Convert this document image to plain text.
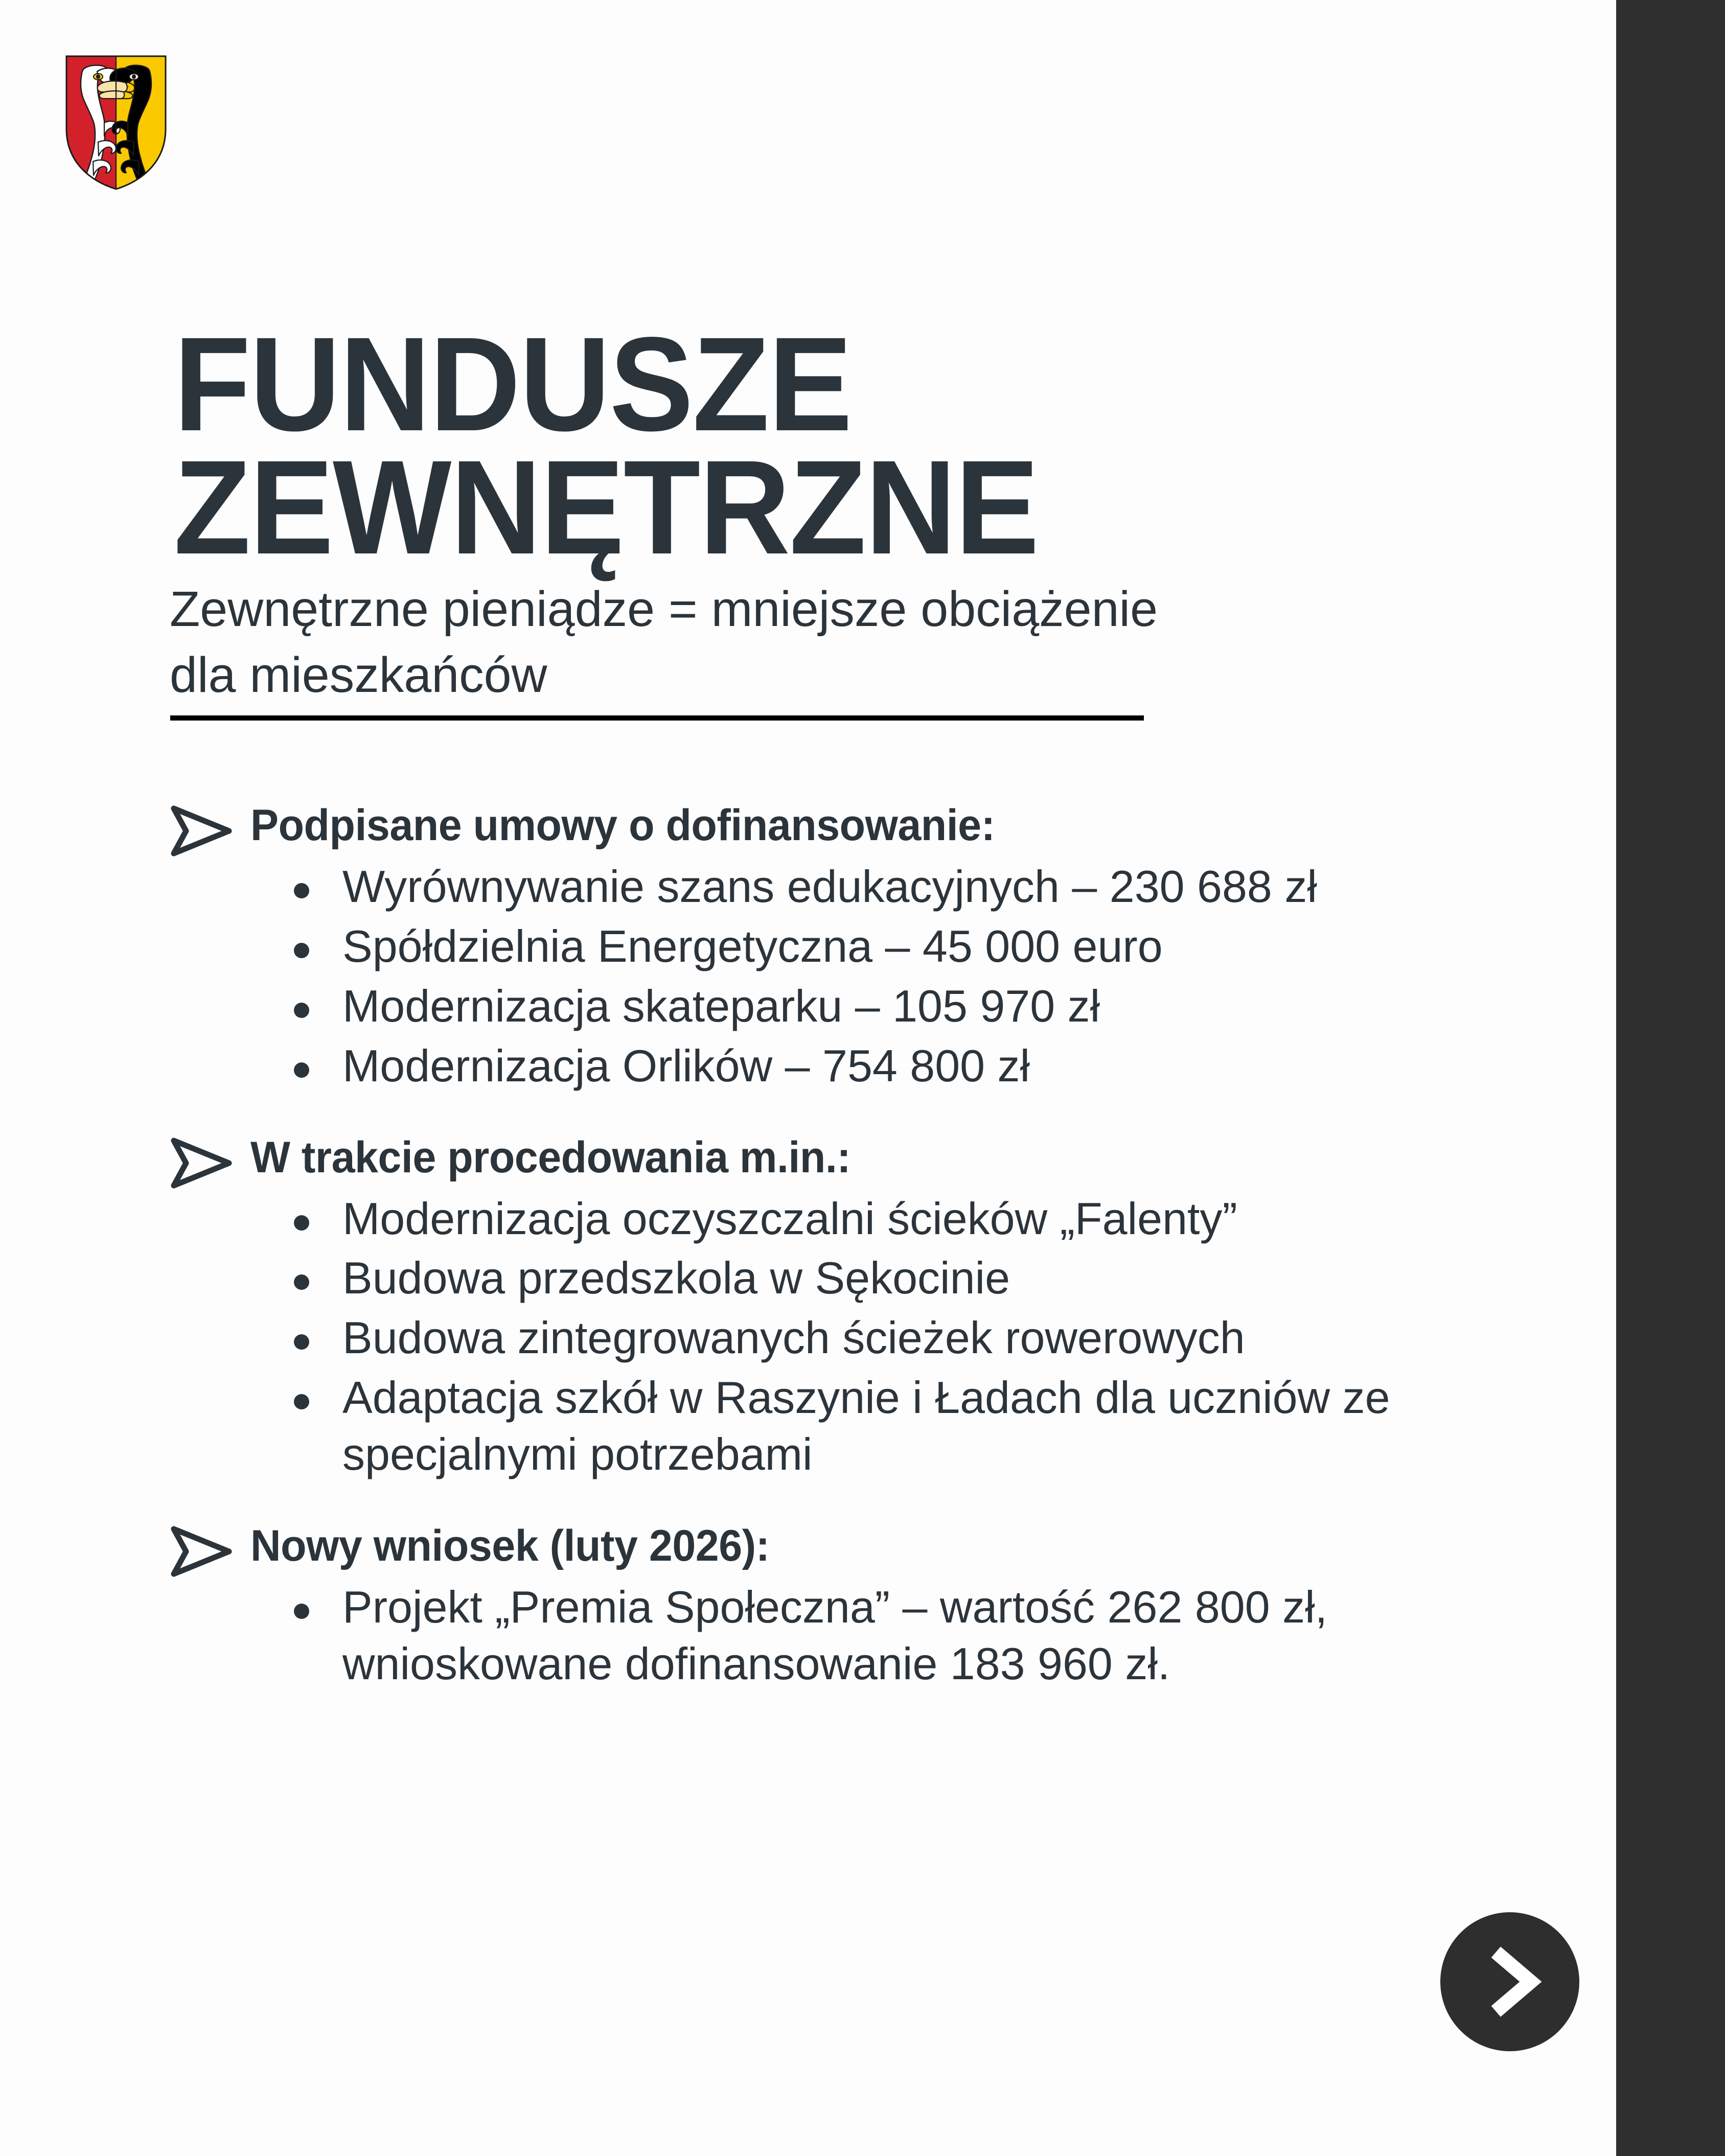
FUNDUSZE
ZEWNĘTRZNE

Zewnętrzne pieniądze = mniejsze obciążenie
dla mieszkańców

Podpisane umowy o dofinansowanie:
Wyrównywanie szans edukacyjnych – 230 688 zł
Spółdzielnia Energetyczna – 45 000 euro
Modernizacja skateparku – 105 970 zł
Modernizacja Orlików – 754 800 zł
W trakcie procedowania m.in.:
Modernizacja oczyszczalni ścieków „Falenty”
Budowa przedszkola w Sękocinie
Budowa zintegrowanych ścieżek rowerowych
Adaptacja szkół w Raszynie i Ładach dla uczniów ze specjalnymi potrzebami
Nowy wniosek (luty 2026):
Projekt „Premia Społeczna” – wartość 262 800 zł, wnioskowane dofinansowanie 183 960 zł.
